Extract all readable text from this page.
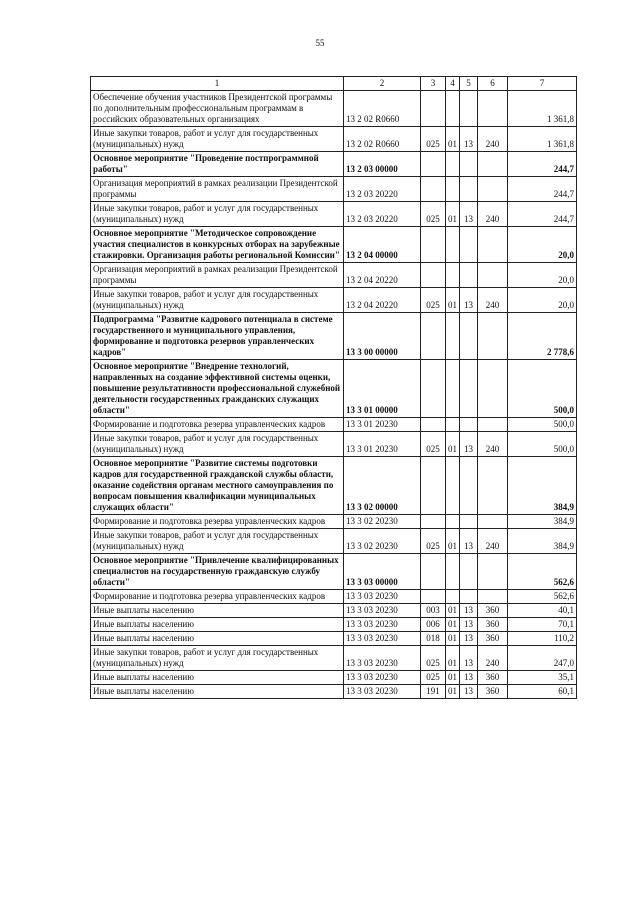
55
1	2	3	4	5	6	7
Обеспечение обучения участников Президентской программы по дополнительным профессиональным программам в российских образовательных организациях	13 2 02 R0660					1 361,8
Иные закупки товаров, работ и услуг для государственных (муниципальных) нужд	13 2 02 R0660	025	01	13	240	1 361,8
Основное мероприятие "Проведение постпрограммной работы"	13 2 03 00000					244,7
Организация мероприятий в рамках реализации Президентской программы	13 2 03 20220					244,7
Иные закупки товаров, работ и услуг для государственных (муниципальных) нужд	13 2 03 20220	025	01	13	240	244,7
Основное мероприятие "Методическое сопровождение участия специалистов в конкурсных отборах на зарубежные стажировки. Организация работы региональной Комиссии"	13 2 04 00000					20,0
Организация мероприятий в рамках реализации Президентской программы	13 2 04 20220					20,0
Иные закупки товаров, работ и услуг для государственных (муниципальных) нужд	13 2 04 20220	025	01	13	240	20,0
Подпрограмма "Развитие кадрового потенциала в системе государственного и муниципального управления, формирование и подготовка резервов управленческих кадров"	13 3 00 00000					2 778,6
Основное мероприятие "Внедрение технологий, направленных на создание эффективной системы оценки, повышение результативности профессиональной служебной деятельности государственных гражданских служащих области"	13 3 01 00000					500,0
Формирование и подготовка резерва управленческих кадров	13 3 01 20230					500,0
Иные закупки товаров, работ и услуг для государственных (муниципальных) нужд	13 3 01 20230	025	01	13	240	500,0
Основное мероприятие "Развитие системы подготовки кадров для государственной гражданской службы области, оказание содействия органам местного самоуправления по вопросам повышения квалификации муниципальных служащих области"	13 3 02 00000					384,9
Формирование и подготовка резерва управленческих кадров	13 3 02 20230					384,9
Иные закупки товаров, работ и услуг для государственных (муниципальных) нужд	13 3 02 20230	025	01	13	240	384,9
Основное мероприятие "Привлечение квалифицированных специалистов на государственную гражданскую службу области"	13 3 03 00000					562,6
Формирование и подготовка резерва управленческих кадров	13 3 03 20230					562,6
Иные выплаты населению	13 3 03 20230	003	01	13	360	40,1
Иные выплаты населению	13 3 03 20230	006	01	13	360	70,1
Иные выплаты населению	13 3 03 20230	018	01	13	360	110,2
Иные закупки товаров, работ и услуг для государственных (муниципальных) нужд	13 3 03 20230	025	01	13	240	247,0
Иные выплаты населению	13 3 03 20230	025	01	13	360	35,1
Иные выплаты населению	13 3 03 20230	191	01	13	360	60,1
